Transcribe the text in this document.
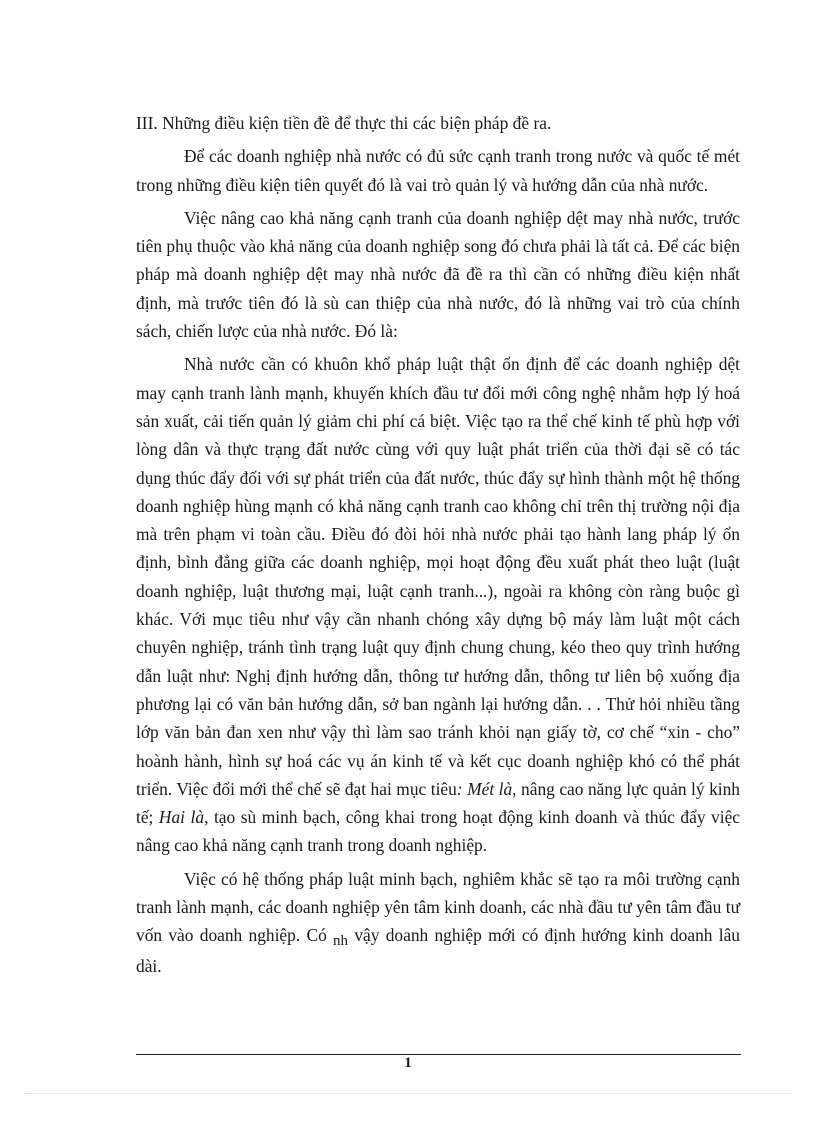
III. Những điều kiện tiền đề để thực thi các biện pháp đề ra.

Để các doanh nghiệp nhà nước có đủ sức cạnh tranh trong nước và quốc tế mét trong những điều kiện tiên quyết đó là vai trò quản lý và hướng dẫn của nhà nước.

Việc nâng cao khả năng cạnh tranh của doanh nghiệp dệt may nhà nước, trước tiên phụ thuộc vào khả năng của doanh nghiệp song đó chưa phải là tất cả. Để các biện pháp mà doanh nghiệp dệt may nhà nước đã đề ra thì cần có những điều kiện nhất định, mà trước tiên đó là sù can thiệp của nhà nước, đó là những vai trò của chính sách, chiến lược của nhà nước. Đó là:

Nhà nước cần có khuôn khổ pháp luật thật ổn định để các doanh nghiệp dệt may cạnh tranh lành mạnh, khuyến khích đầu tư đổi mới công nghệ nhằm hợp lý hoá sản xuất, cải tiến quản lý giảm chi phí cá biệt. Việc tạo ra thể chế kinh tế phù hợp với lòng dân và thực trạng đất nước cùng với quy luật phát triển của thời đại sẽ có tác dụng thúc đẩy đối với sự phát triển của đất nước, thúc đẩy sự hình thành một hệ thống doanh nghiệp hùng mạnh có khả năng cạnh tranh cao không chỉ trên thị trường nội địa mà trên phạm vi toàn cầu. Điều đó đòi hỏi nhà nước phải tạo hành lang pháp lý ổn định, bình đẳng giữa các doanh nghiệp, mọi hoạt động đều xuất phát theo luật (luật doanh nghiệp, luật thương mại, luật cạnh tranh...), ngoài ra không còn ràng buộc gì khác. Với mục tiêu như vậy cần nhanh chóng xây dựng bộ máy làm luật một cách chuyên nghiệp, tránh tình trạng luật quy định chung chung, kéo theo quy trình hướng dẫn luật như: Nghị định hướng dẫn, thông tư hướng dẫn, thông tư liên bộ xuống địa phương lại có văn bản hướng dẫn, sở ban ngành lại hướng dẫn. . . Thử hỏi nhiều tầng lớp văn bản đan xen như vậy thì làm sao tránh khỏi nạn giấy tờ, cơ chế “xin - cho” hoành hành, hình sự hoá các vụ án kinh tế và kết cục doanh nghiệp khó có thể phát triển. Việc đổi mới thể chế sẽ đạt hai mục tiêu: Mét là, nâng cao năng lực quản lý kinh tế; Hai là, tạo sù minh bạch, công khai trong hoạt động kinh doanh và thúc đẩy việc nâng cao khả năng cạnh tranh trong doanh nghiệp.

Việc có hệ thống pháp luật minh bạch, nghiêm khắc sẽ tạo ra môi trường cạnh tranh lành mạnh, các doanh nghiệp yên tâm kinh doanh, các nhà đầu tư yên tâm đầu tư vốn vào doanh nghiệp. Có nh vậy doanh nghiệp mới có định hướng kinh doanh lâu dài.

1
